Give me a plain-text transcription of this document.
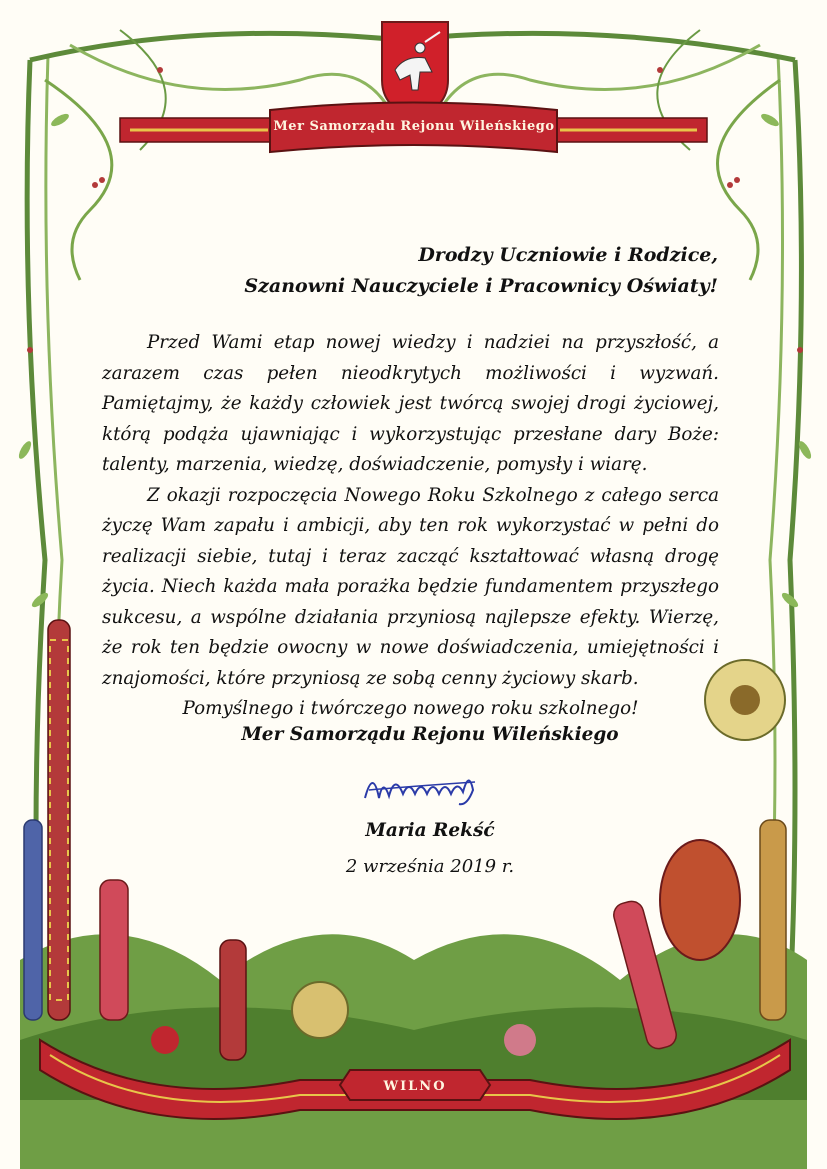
Mer Samorządu Rejonu Wileńskiego
WILNO
Drodzy Uczniowie i Rodzice,
Szanowni Nauczyciele i Pracownicy Oświaty!

Przed Wami etap nowej wiedzy i nadziei na przyszłość, a zarazem czas pełen nieodkrytych możliwości i wyzwań. Pamiętajmy, że każdy człowiek jest twórcą swojej drogi życiowej, którą podąża ujawniając i wykorzystując przesłane dary Boże: talenty, marzenia, wiedzę, doświadczenie, pomysły i wiarę.

Z okazji rozpoczęcia Nowego Roku Szkolnego z całego serca życzę Wam zapału i ambicji, aby ten rok wykorzystać w pełni do realizacji siebie, tutaj i teraz zacząć kształtować własną drogę życia. Niech każda mała porażka będzie fundamentem przyszłego sukcesu, a wspólne działania przyniosą najlepsze efekty. Wierzę, że rok ten będzie owocny w nowe doświadczenia, umiejętności i znajomości, które przyniosą ze sobą cenny życiowy skarb.

Pomyślnego i twórczego nowego roku szkolnego!

Mer Samorządu Rejonu Wileńskiego
Maria Rekść
2 września 2019 r.
